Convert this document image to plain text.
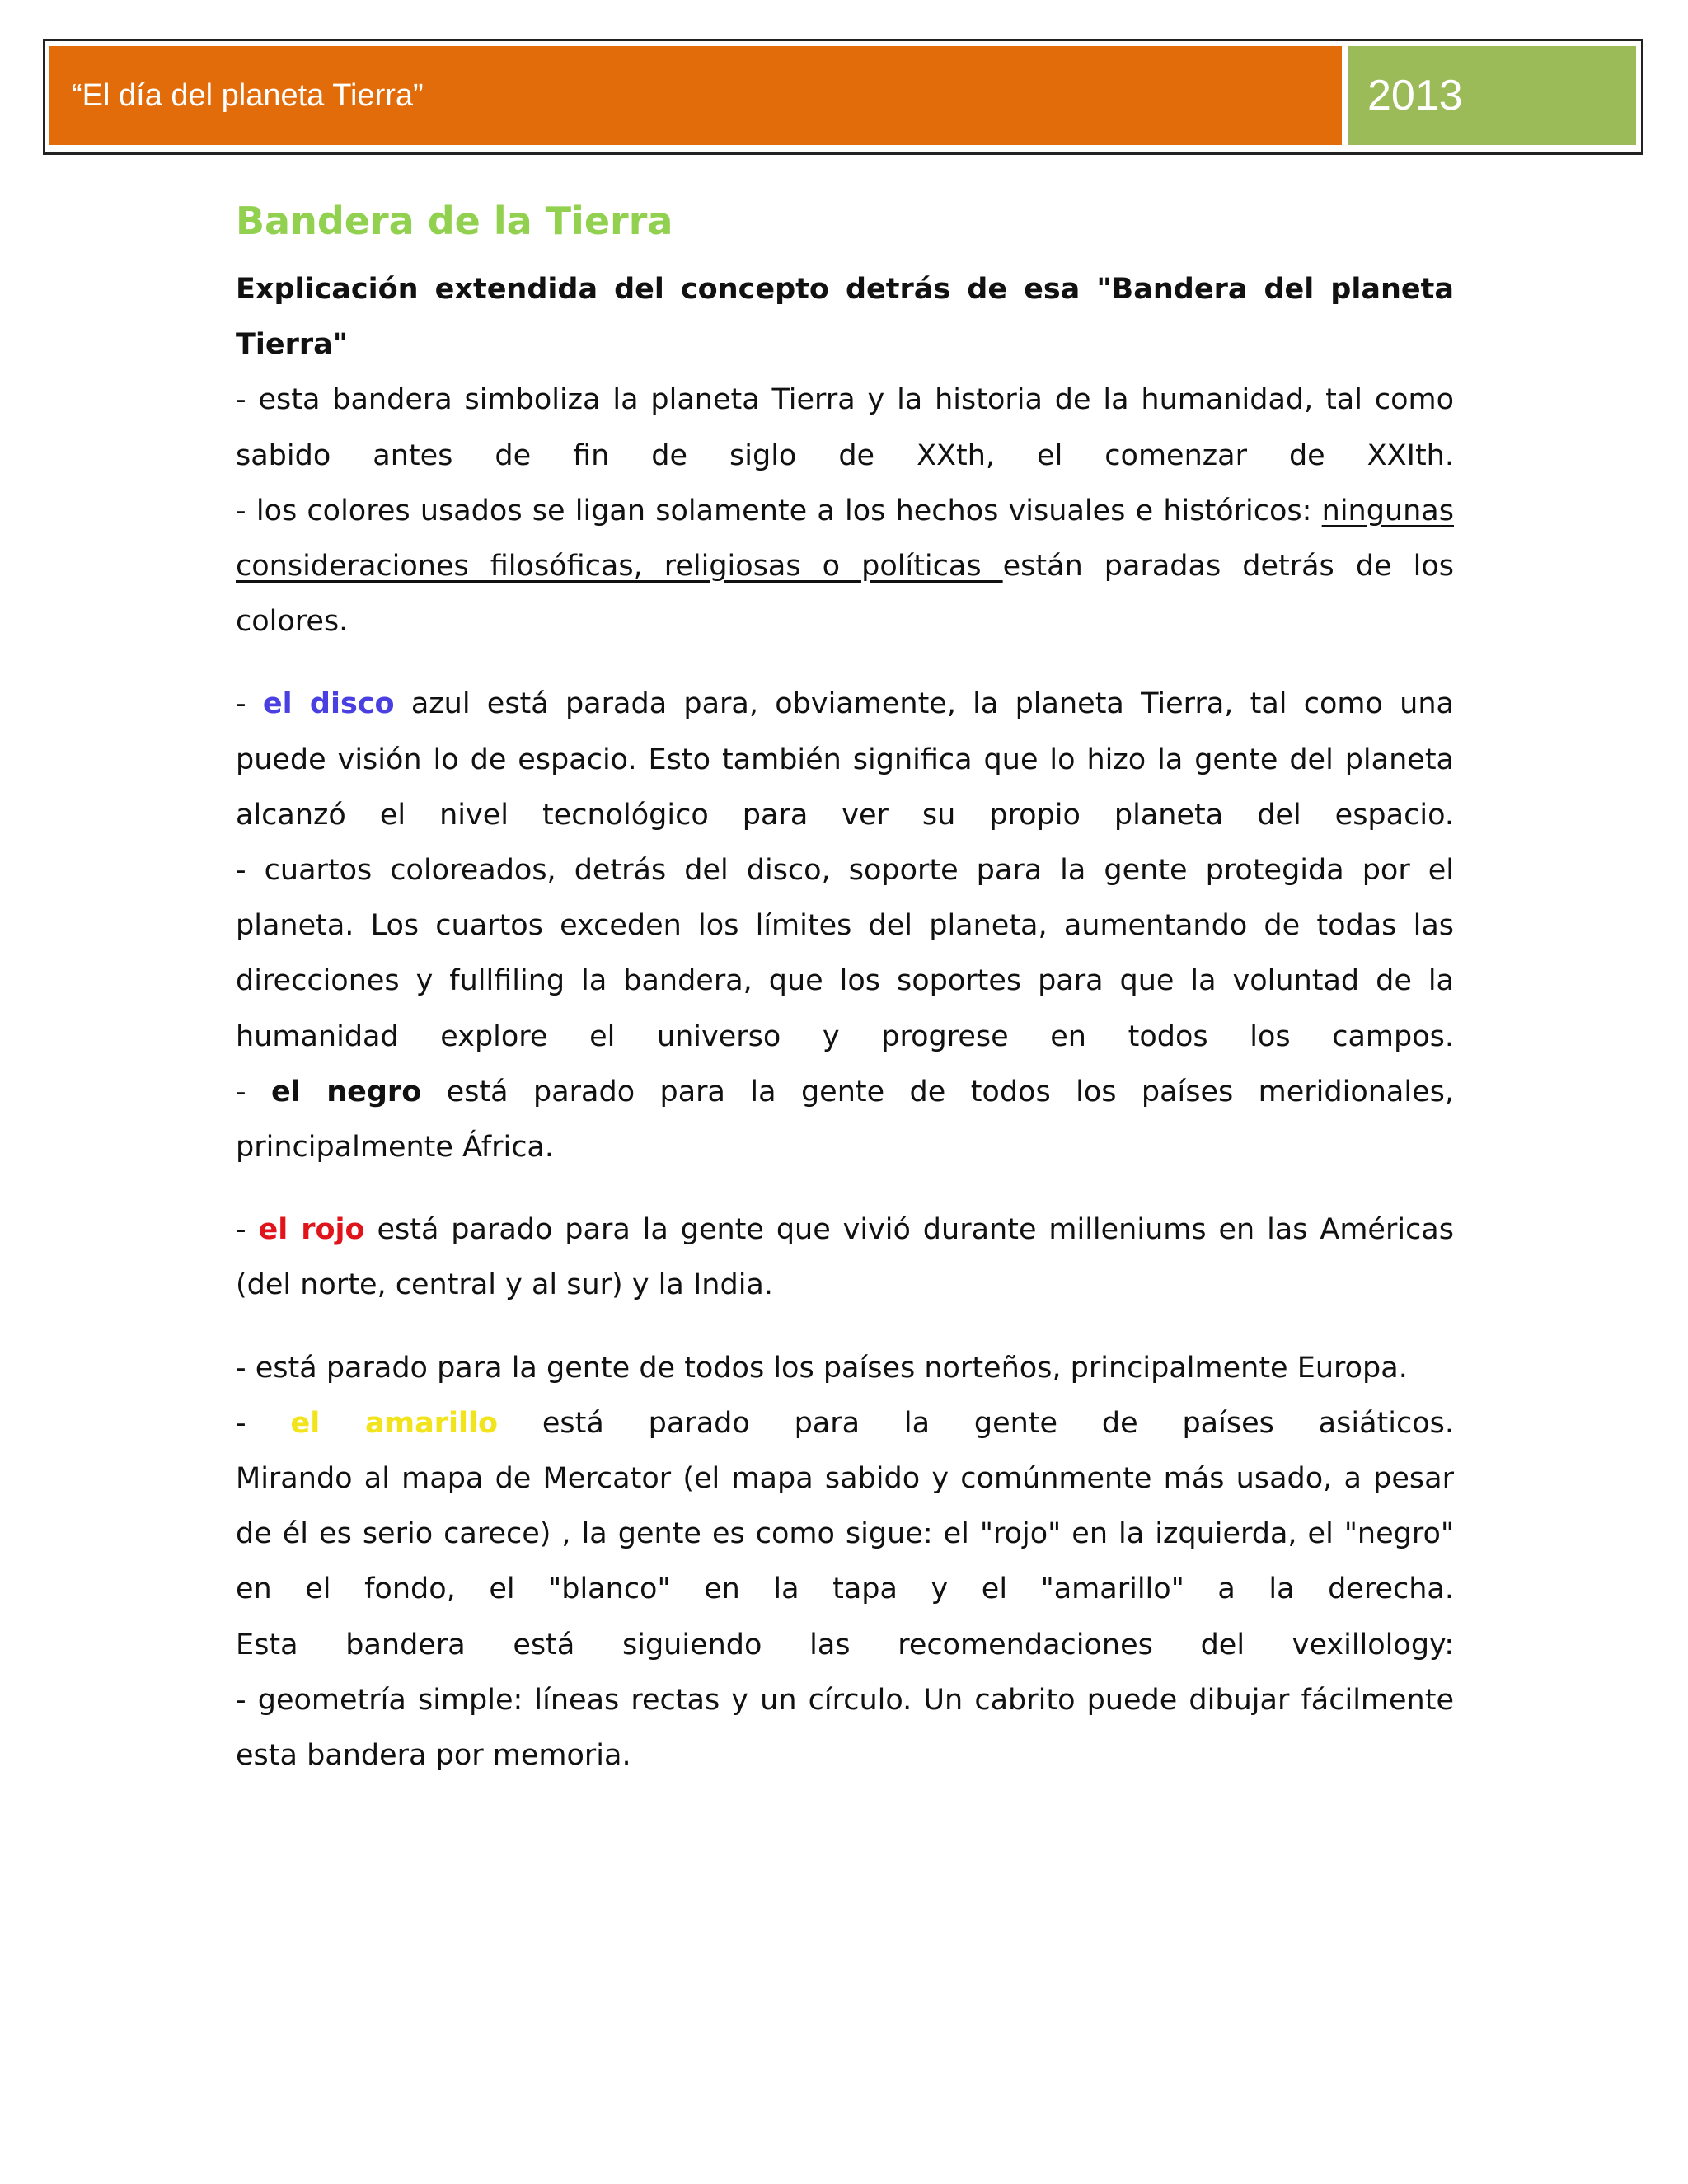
“El día del planeta Tierra”	2013
Bandera de la Tierra

Explicación extendida del concepto detrás de esa "Bandera del planeta Tierra"

- esta bandera simboliza la planeta Tierra y la historia de la humanidad, tal como sabido antes de fin de siglo de XXth, el comenzar de XXIth.

- los colores usados se ligan solamente a los hechos visuales e históricos: ningunas consideraciones filosóficas, religiosas o políticas están paradas detrás de los colores.

- el disco azul está parada para, obviamente, la planeta Tierra, tal como una puede visión lo de espacio. Esto también significa que lo hizo la gente del planeta alcanzó el nivel tecnológico para ver su propio planeta del espacio.

- cuartos coloreados, detrás del disco, soporte para la gente protegida por el planeta. Los cuartos exceden los límites del planeta, aumentando de todas las direcciones y fullfiling la bandera, que los soportes para que la voluntad de la humanidad explore el universo y progrese en todos los campos.

- el negro está parado para la gente de todos los países meridionales, principalmente África.

- el rojo está parado para la gente que vivió durante milleniums en las Américas (del norte, central y al sur) y la India.

- está parado para la gente de todos los países norteños, principalmente Europa.

- el amarillo está parado para la gente de países asiáticos.

Mirando al mapa de Mercator (el mapa sabido y comúnmente más usado, a pesar de él es serio carece) , la gente es como sigue: el "rojo" en la izquierda, el "negro" en el fondo, el "blanco" en la tapa y el "amarillo" a la derecha.

Esta bandera está siguiendo las recomendaciones del vexillology:

- geometría simple: líneas rectas y un círculo. Un cabrito puede dibujar fácilmente esta bandera por memoria.
